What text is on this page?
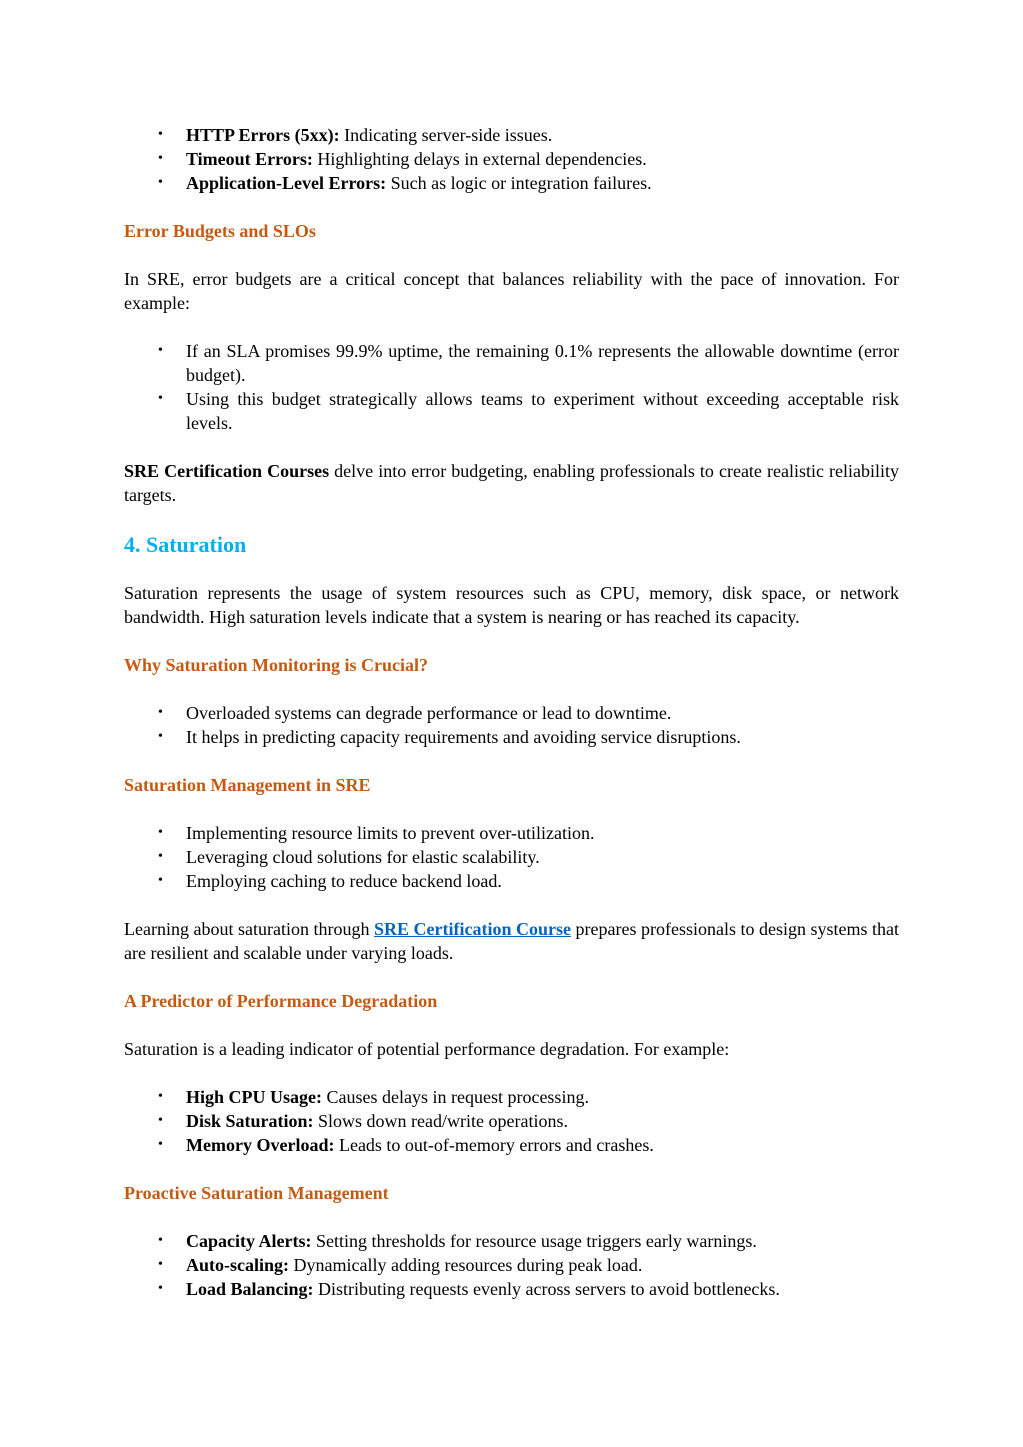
• HTTP Errors (5xx): Indicating server-side issues.
• Timeout Errors: Highlighting delays in external dependencies.
• Application-Level Errors: Such as logic or integration failures.
Error Budgets and SLOs

In SRE, error budgets are a critical concept that balances reliability with the pace of innovation. For example:

• If an SLA promises 99.9% uptime, the remaining 0.1% represents the allowable downtime (error budget).
• Using this budget strategically allows teams to experiment without exceeding acceptable risk levels.

SRE Certification Courses delve into error budgeting, enabling professionals to create realistic reliability targets.

4. Saturation

Saturation represents the usage of system resources such as CPU, memory, disk space, or network bandwidth. High saturation levels indicate that a system is nearing or has reached its capacity.

Why Saturation Monitoring is Crucial?
• Overloaded systems can degrade performance or lead to downtime.
• It helps in predicting capacity requirements and avoiding service disruptions.
Saturation Management in SRE
• Implementing resource limits to prevent over-utilization.
• Leveraging cloud solutions for elastic scalability.
• Employing caching to reduce backend load.

Learning about saturation through SRE Certification Course prepares professionals to design systems that are resilient and scalable under varying loads.

A Predictor of Performance Degradation

Saturation is a leading indicator of potential performance degradation. For example:

• High CPU Usage: Causes delays in request processing.
• Disk Saturation: Slows down read/write operations.
• Memory Overload: Leads to out-of-memory errors and crashes.
Proactive Saturation Management
• Capacity Alerts: Setting thresholds for resource usage triggers early warnings.
• Auto-scaling: Dynamically adding resources during peak load.
• Load Balancing: Distributing requests evenly across servers to avoid bottlenecks.
